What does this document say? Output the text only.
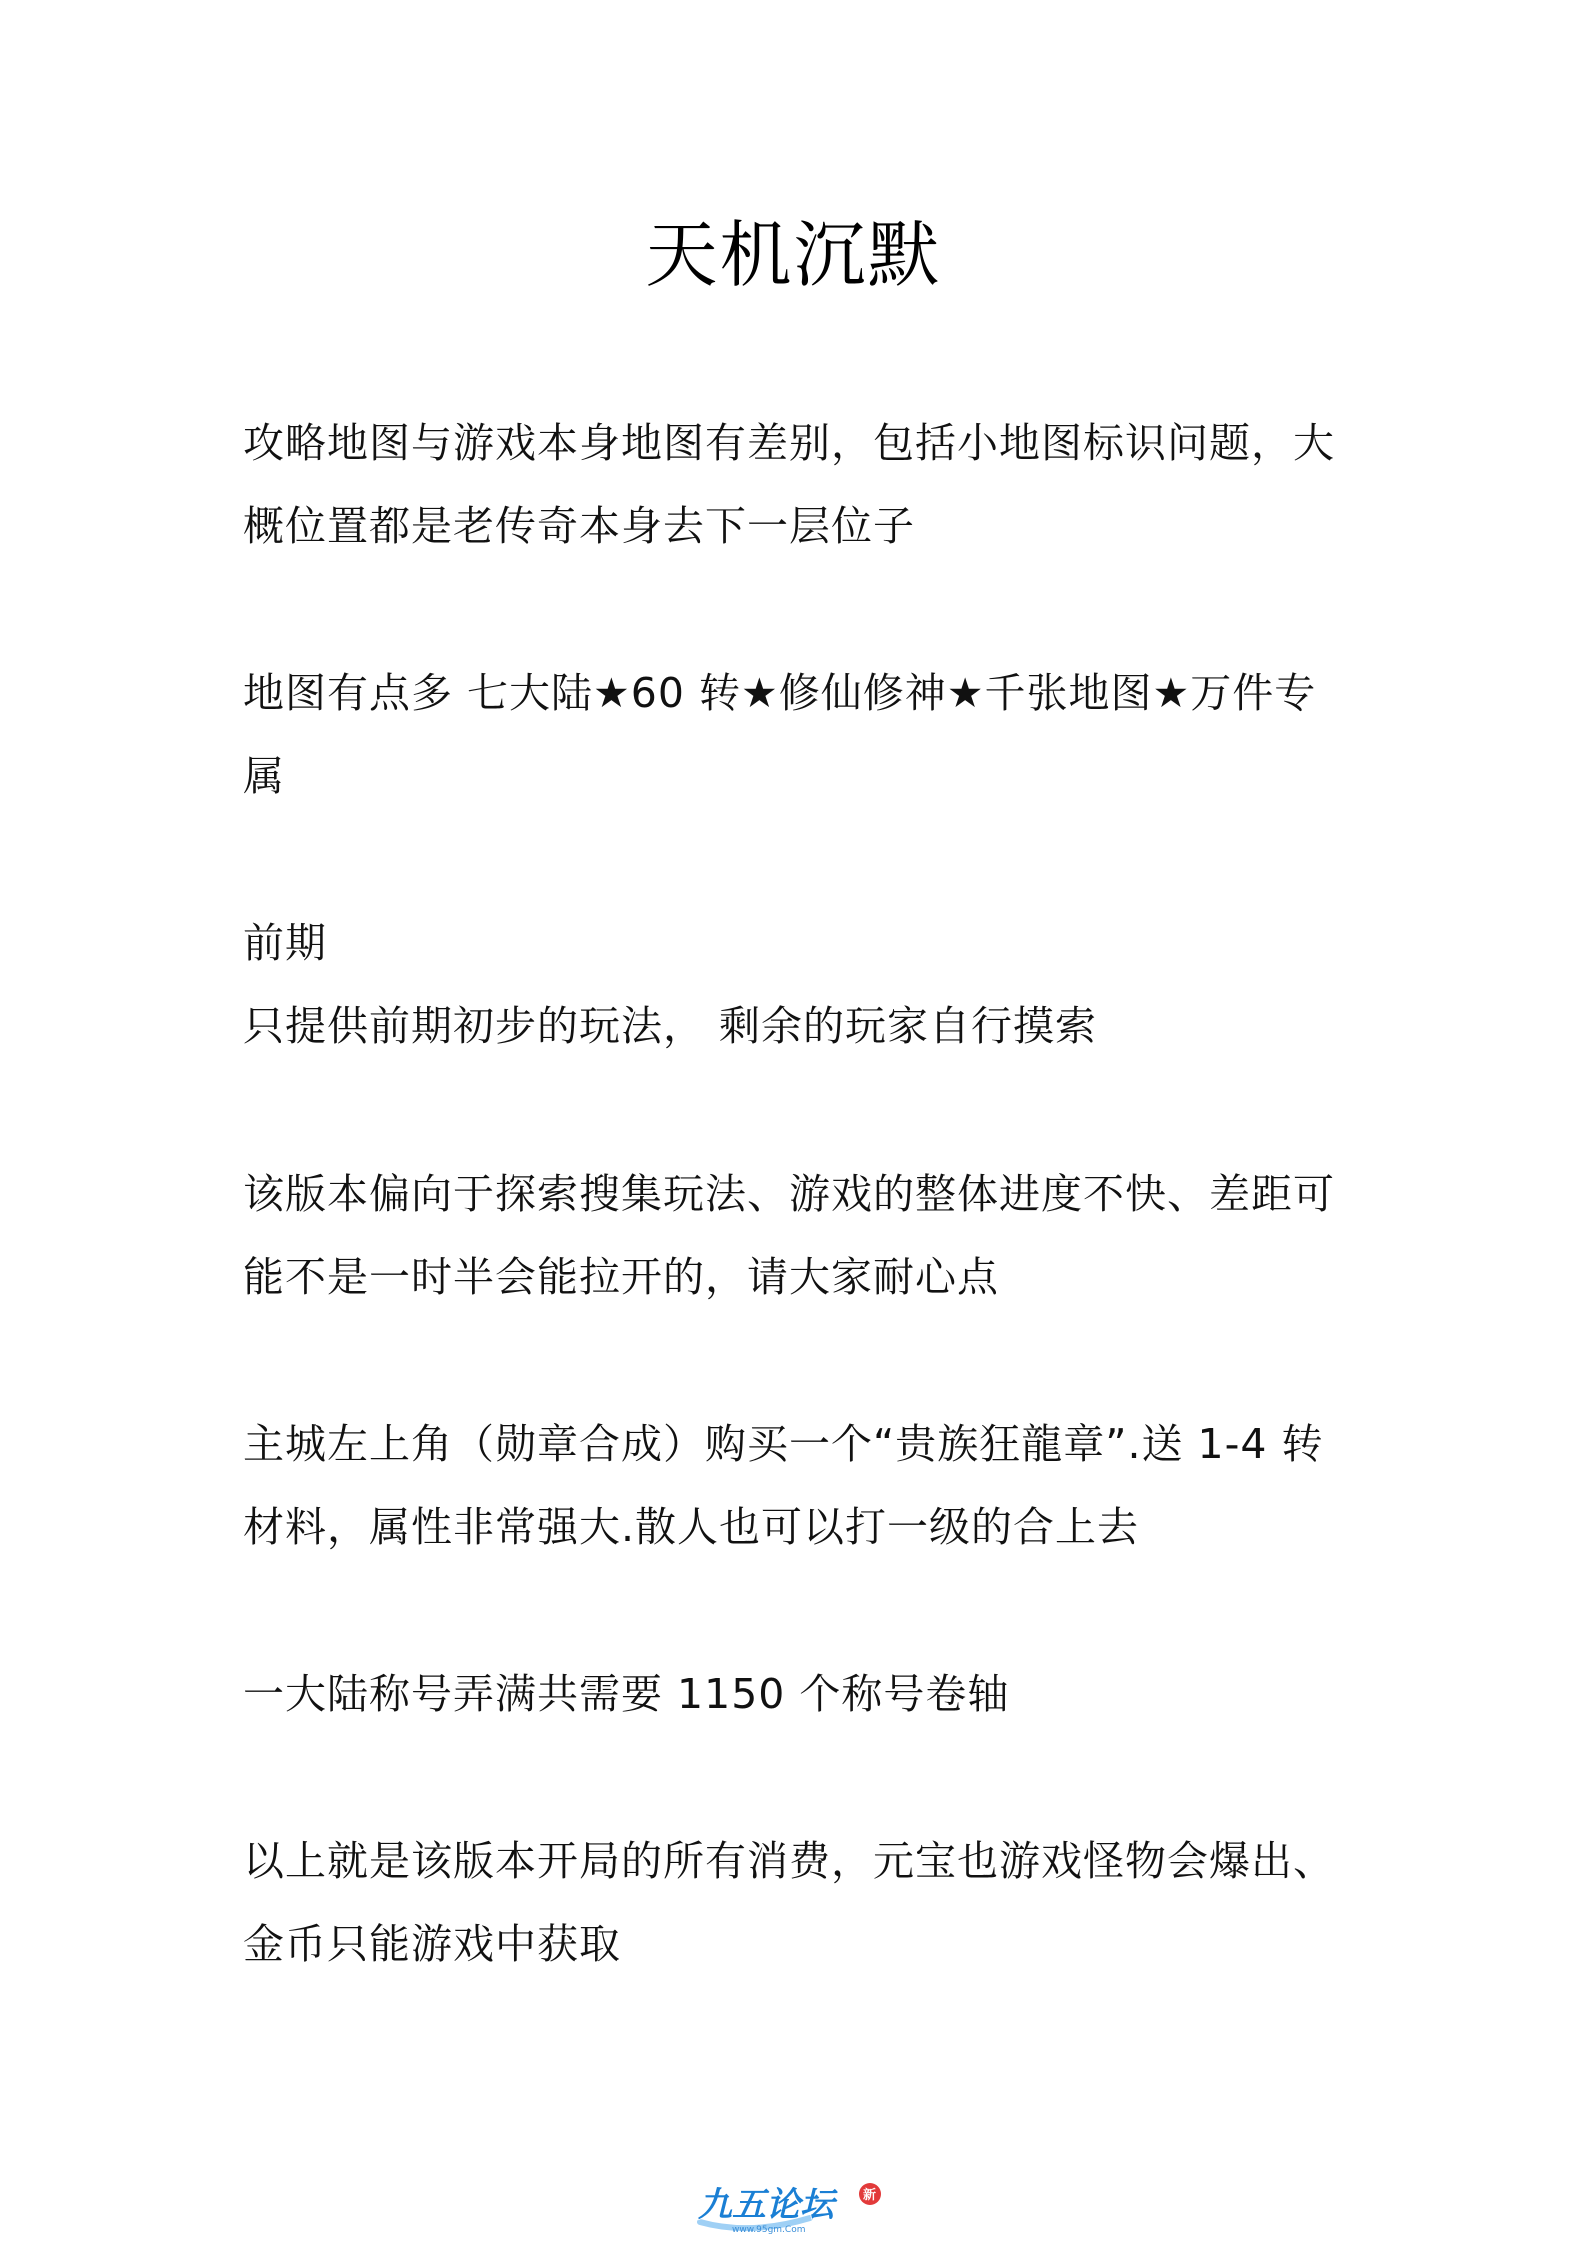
天机沉默

攻略地图与游戏本身地图有差别，包括小地图标识问题，大概位置都是老传奇本身去下一层位子

地图有点多 七大陆★60 转★修仙修神★千张地图★万件专属

前期

只提供前期初步的玩法， 剩余的玩家自行摸索

该版本偏向于探索搜集玩法、游戏的整体进度不快、差距可能不是一时半会能拉开的，请大家耐心点

主城左上角（勋章合成）购买一个“贵族狂龍章”.送 1-4 转材料，属性非常强大.散人也可以打一级的合上去

一大陆称号弄满共需要 1150 个称号卷轴

以上就是该版本开局的所有消费，元宝也游戏怪物会爆出、金币只能游戏中获取

九五论坛
www.95gm.Com
新
